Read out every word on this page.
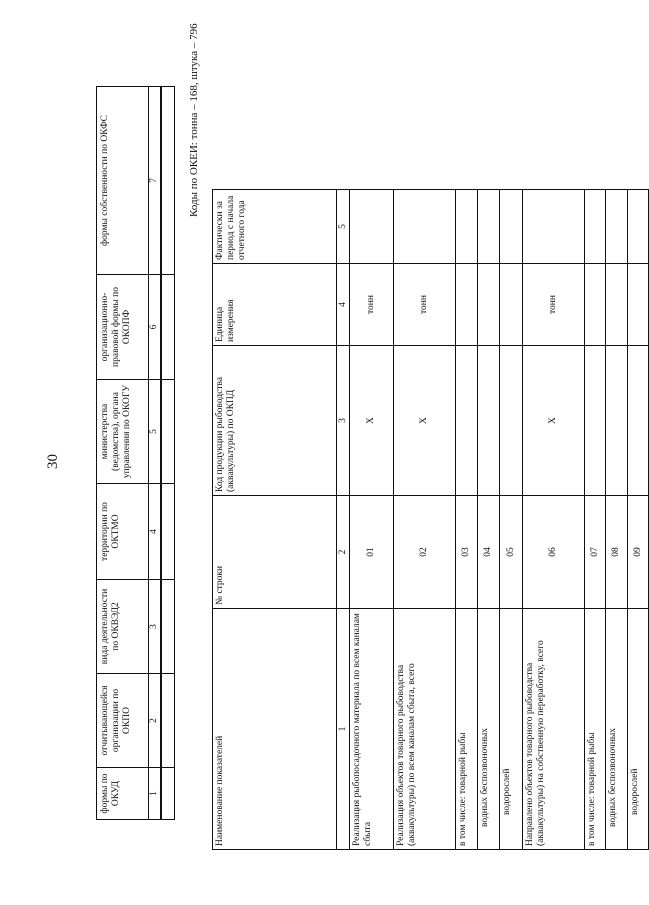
30
Коды по ОКЕИ: тонна – 168, штука – 796
формы по ОКУД	отчитывающейся организации по ОКПО	вида деятельности по ОКВЭД2	территории по ОКТМО	министерства (ведомства), органа управления по ОКОГУ	организационно-правовой формы по ОКОПФ	формы собственности по ОКФС
1	2	3	4	5	6	7

Наименование показателей	№ строки	Код продукции рыбоводства (аквакультуры) по ОКПД	Единица измерения	Фактически за период с начала отчетного года
1	2	3	4	5
Реализация рыбопосадочного материала по всем каналам сбыта	01	X	тонн	
Реализация объектов товарного рыбоводства (аквакультуры) по всем каналам сбыта, всего	02	X	тонн	
в том числе: товарной рыбы	03			
водных беспозвоночных	04			
водорослей	05			
Направлено объектов товарного рыбоводства (аквакультуры) на собственную переработку, всего	06	X	тонн	
в том числе: товарной рыбы	07			
водных беспозвоночных	08			
водорослей	09			
